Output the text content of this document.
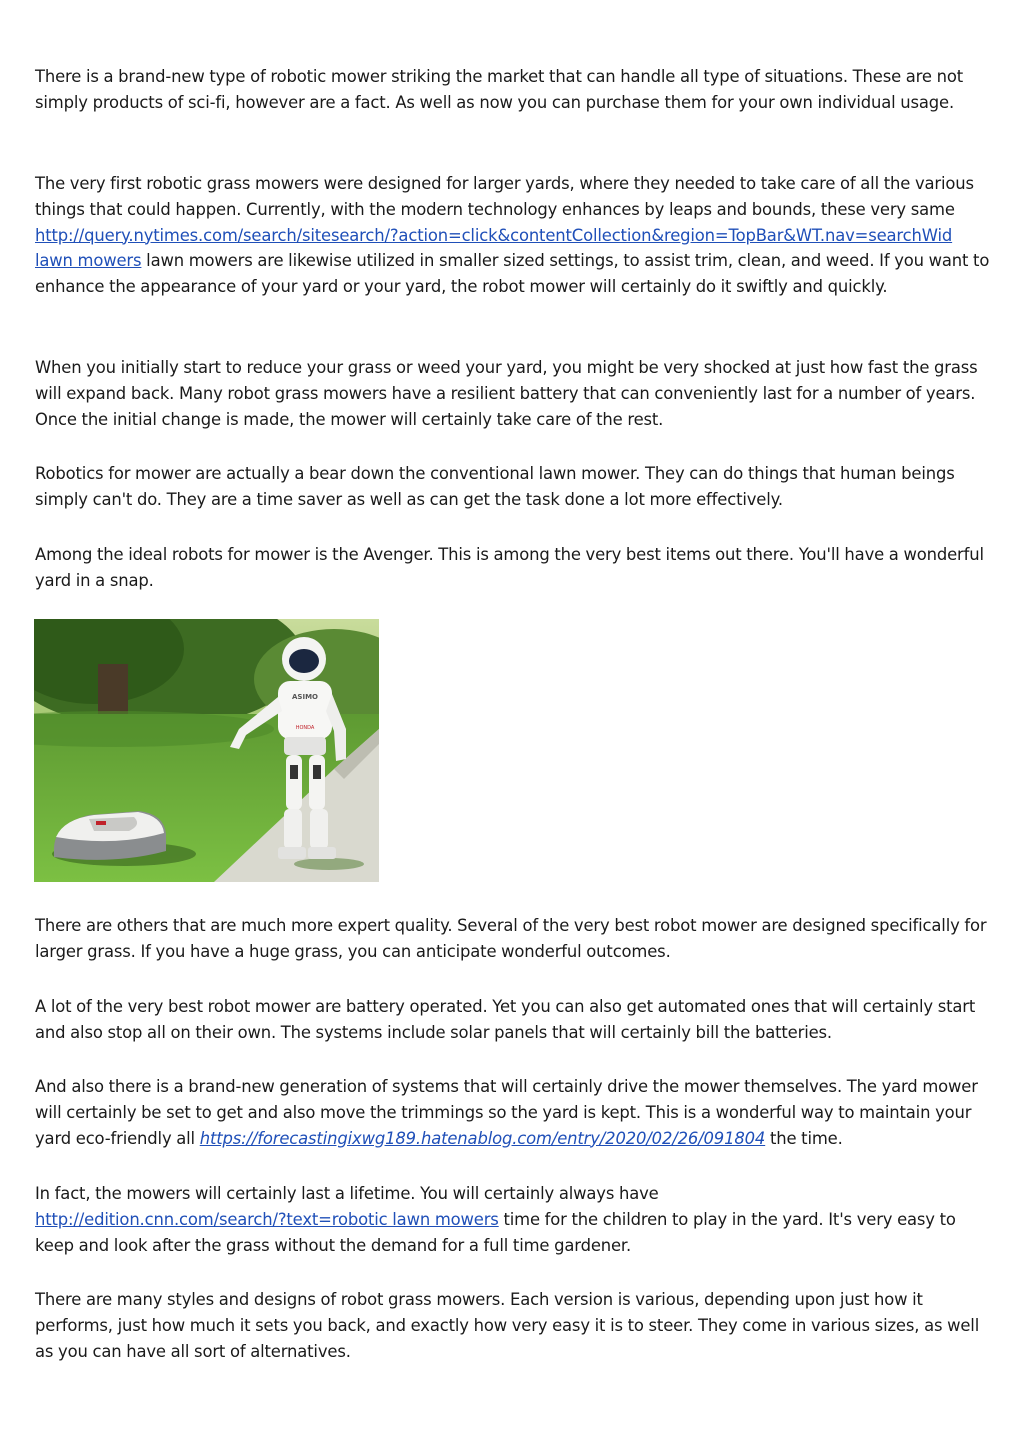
There is a brand-new type of robotic mower striking the market that can handle all type of situations. These are not simply products of sci-fi, however are a fact. As well as now you can purchase them for your own individual usage.

The very first robotic grass mowers were designed for larger yards, where they needed to take care of all the various things that could happen. Currently, with the modern technology enhances by leaps and bounds, these very same
http://query.nytimes.com/search/sitesearch/?action=click&contentCollection&region=TopBar&WT.nav=searchWid
lawn mowers lawn mowers are likewise utilized in smaller sized settings, to assist trim, clean, and weed. If you want to enhance the appearance of your yard or your yard, the robot mower will certainly do it swiftly and quickly.

When you initially start to reduce your grass or weed your yard, you might be very shocked at just how fast the grass will expand back. Many robot grass mowers have a resilient battery that can conveniently last for a number of years. Once the initial change is made, the mower will certainly take care of the rest.

Robotics for mower are actually a bear down the conventional lawn mower. They can do things that human beings simply can't do. They are a time saver as well as can get the task done a lot more effectively.

Among the ideal robots for mower is the Avenger. This is among the very best items out there. You'll have a wonderful yard in a snap.

ASIMO
HONDA

There are others that are much more expert quality. Several of the very best robot mower are designed specifically for larger grass. If you have a huge grass, you can anticipate wonderful outcomes.

A lot of the very best robot mower are battery operated. Yet you can also get automated ones that will certainly start and also stop all on their own. The systems include solar panels that will certainly bill the batteries.

And also there is a brand-new generation of systems that will certainly drive the mower themselves. The yard mower will certainly be set to get and also move the trimmings so the yard is kept. This is a wonderful way to maintain your yard eco-friendly all https://forecastingixwg189.hatenablog.com/entry/2020/02/26/091804 the time.

In fact, the mowers will certainly last a lifetime. You will certainly always have
http://edition.cnn.com/search/?text=robotic lawn mowers time for the children to play in the yard. It's very easy to keep and look after the grass without the demand for a full time gardener.

There are many styles and designs of robot grass mowers. Each version is various, depending upon just how it performs, just how much it sets you back, and exactly how very easy it is to steer. They come in various sizes, as well as you can have all sort of alternatives.
